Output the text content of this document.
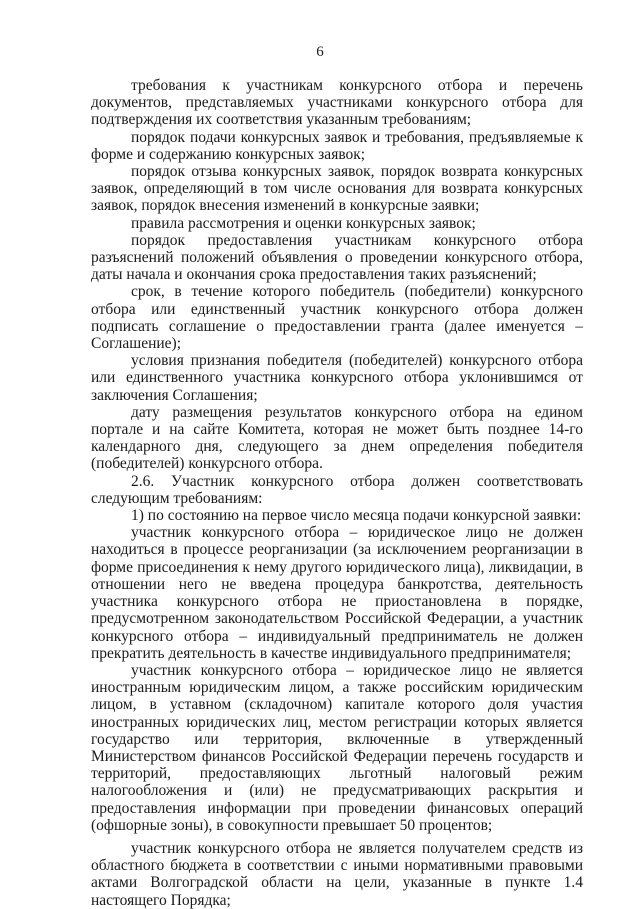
6

требования к участникам конкурсного отбора и перечень документов, представляемых участниками конкурсного отбора для подтверждения их соответствия указанным требованиям;

порядок подачи конкурсных заявок и требования, предъявляемые к форме и содержанию конкурсных заявок;

порядок отзыва конкурсных заявок, порядок возврата конкурсных заявок, определяющий в том числе основания для возврата конкурсных заявок, порядок внесения изменений в конкурсные заявки;

правила рассмотрения и оценки конкурсных заявок;

порядок предоставления участникам конкурсного отбора разъяснений положений объявления о проведении конкурсного отбора, даты начала и окончания срока предоставления таких разъяснений;

срок, в течение которого победитель (победители) конкурсного отбора или единственный участник конкурсного отбора должен подписать соглашение о предоставлении гранта (далее именуется – Соглашение);

условия признания победителя (победителей) конкурсного отбора или единственного участника конкурсного отбора уклонившимся от заключения Соглашения;

дату размещения результатов конкурсного отбора на едином портале и на сайте Комитета, которая не может быть позднее 14-го календарного дня, следующего за днем определения победителя (победителей) конкурсного отбора.

2.6. Участник конкурсного отбора должен соответствовать следующим требованиям:

1) по состоянию на первое число месяца подачи конкурсной заявки:

участник конкурсного отбора – юридическое лицо не должен находиться в процессе реорганизации (за исключением реорганизации в форме присоединения к нему другого юридического лица), ликвидации, в отношении него не введена процедура банкротства, деятельность участника конкурсного отбора не приостановлена в порядке, предусмотренном законодательством Российской Федерации, а участник конкурсного отбора – индивидуальный предприниматель не должен прекратить деятельность в качестве индивидуального предпринимателя;

участник конкурсного отбора – юридическое лицо не является иностранным юридическим лицом, а также российским юридическим лицом, в уставном (складочном) капитале которого доля участия иностранных юридических лиц, местом регистрации которых является государство или территория, включенные в утвержденный Министерством финансов Российской Федерации перечень государств и территорий, предоставляющих льготный налоговый режим налогообложения и (или) не предусматривающих раскрытия и предоставления информации при проведении финансовых операций (офшорные зоны), в совокупности превышает 50 процентов;

участник конкурсного отбора не является получателем средств из областного бюджета в соответствии с иными нормативными правовыми актами Волгоградской области на цели, указанные в пункте 1.4 настоящего Порядка;
